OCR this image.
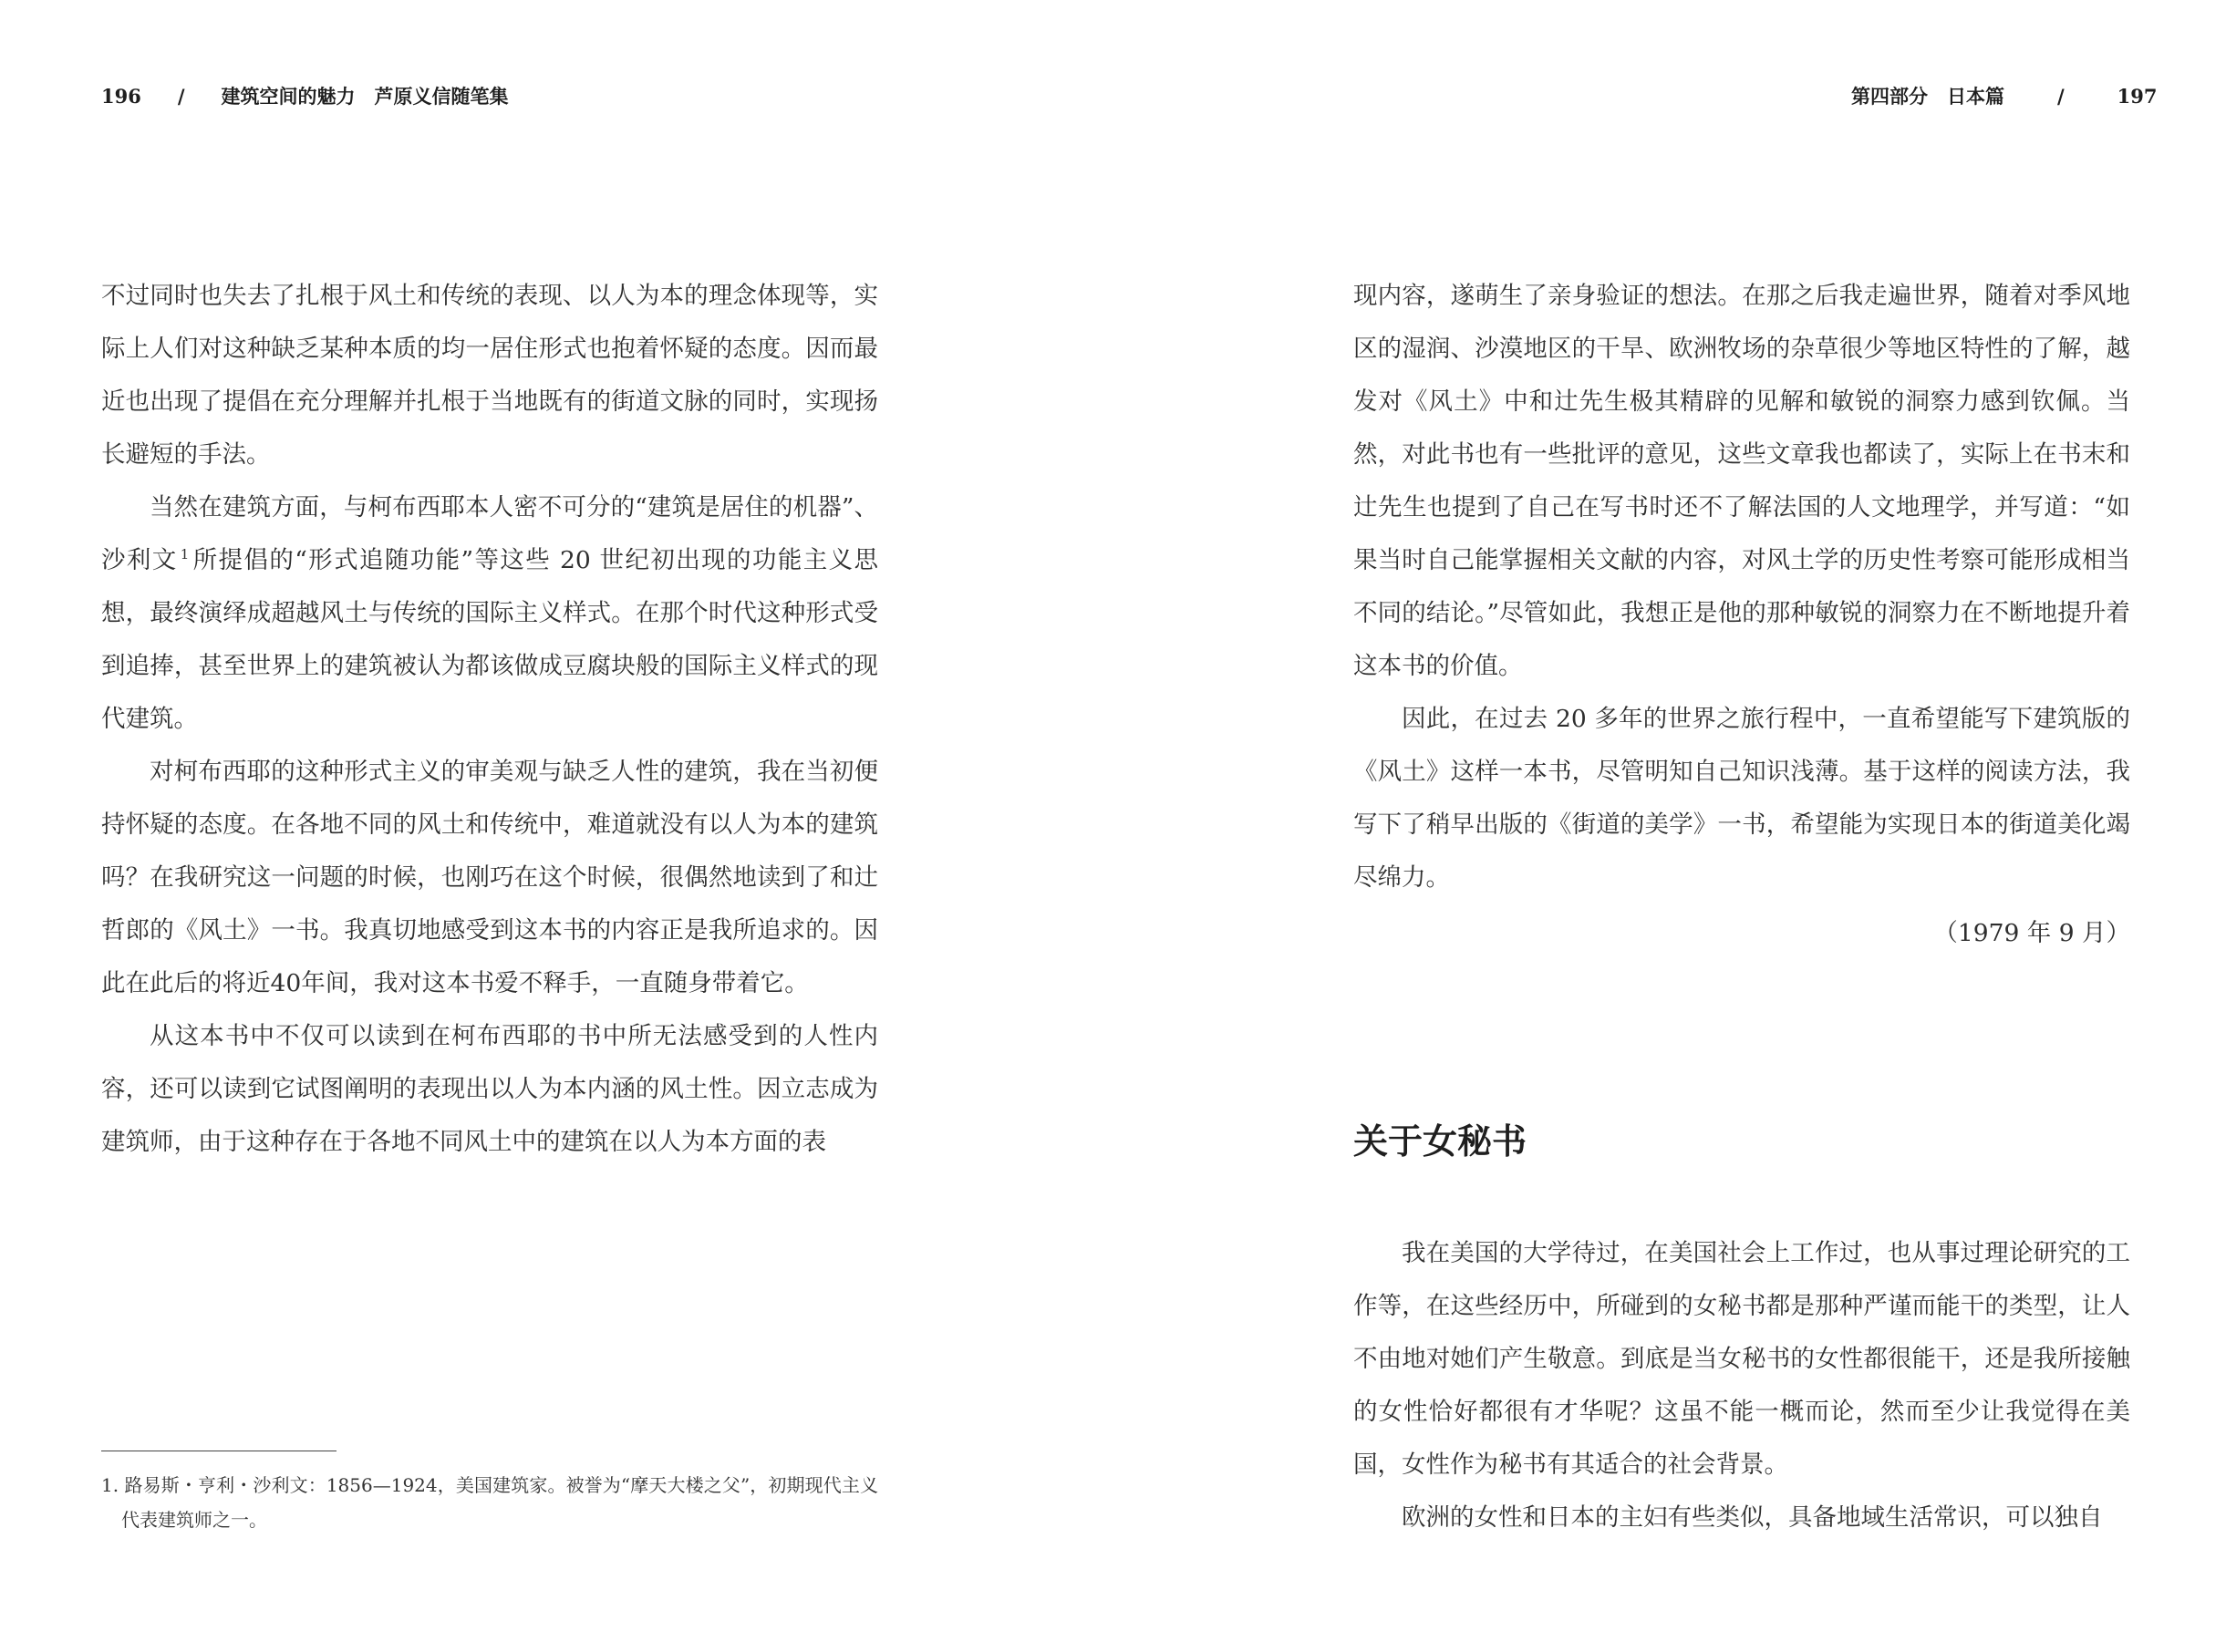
196 / 建筑空间的魅力　芦原义信随笔集

不过同时也失去了扎根于风土和传统的表现、以人为本的理念体现等，实际上人们对这种缺乏某种本质的均一居住形式也抱着怀疑的态度。因而最近也出现了提倡在充分理解并扎根于当地既有的街道文脉的同时，实现扬长避短的手法。

当然在建筑方面，与柯布西耶本人密不可分的“建筑是居住的机器”、沙利文 $^1$ 所提倡的“形式追随功能”等这些 20 世纪初出现的功能主义思想，最终演绎成超越风土与传统的国际主义样式。在那个时代这种形式受到追捧，甚至世界上的建筑被认为都该做成豆腐块般的国际主义样式的现代建筑。

对柯布西耶的这种形式主义的审美观与缺乏人性的建筑，我在当初便持怀疑的态度。在各地不同的风土和传统中，难道就没有以人为本的建筑吗？在我研究这一问题的时候，也刚巧在这个时候，很偶然地读到了和辻哲郎的《风土》一书。我真切地感受到这本书的内容正是我所追求的。因此在此后的将近40年间，我对这本书爱不释手，一直随身带着它。

从这本书中不仅可以读到在柯布西耶的书中所无法感受到的人性内容，还可以读到它试图阐明的表现出以人为本内涵的风土性。因立志成为建筑师，由于这种存在于各地不同风土中的建筑在以人为本方面的表

1. 路易斯・亨利・沙利文：1856—1924，美国建筑家。被誉为“摩天大楼之父”，初期现代主义代表建筑师之一。
第四部分　日本篇	/	197

现内容，遂萌生了亲身验证的想法。在那之后我走遍世界，随着对季风地区的湿润、沙漠地区的干旱、欧洲牧场的杂草很少等地区特性的了解，越发对《风土》中和辻先生极其精辟的见解和敏锐的洞察力感到钦佩。当然，对此书也有一些批评的意见，这些文章我也都读了，实际上在书末和辻先生也提到了自己在写书时还不了解法国的人文地理学，并写道：“如果当时自己能掌握相关文献的内容，对风土学的历史性考察可能形成相当不同的结论。”尽管如此，我想正是他的那种敏锐的洞察力在不断地提升着这本书的价值。

因此，在过去 20 多年的世界之旅行程中，一直希望能写下建筑版的《风土》这样一本书，尽管明知自己知识浅薄。基于这样的阅读方法，我写下了稍早出版的《街道的美学》一书，希望能为实现日本的街道美化竭尽绵力。

（1979 年 9 月）
关于女秘书

我在美国的大学待过，在美国社会上工作过，也从事过理论研究的工作等，在这些经历中，所碰到的女秘书都是那种严谨而能干的类型，让人不由地对她们产生敬意。到底是当女秘书的女性都很能干，还是我所接触的女性恰好都很有才华呢？这虽不能一概而论，然而至少让我觉得在美国，女性作为秘书有其适合的社会背景。

欧洲的女性和日本的主妇有些类似，具备地域生活常识，可以独自
